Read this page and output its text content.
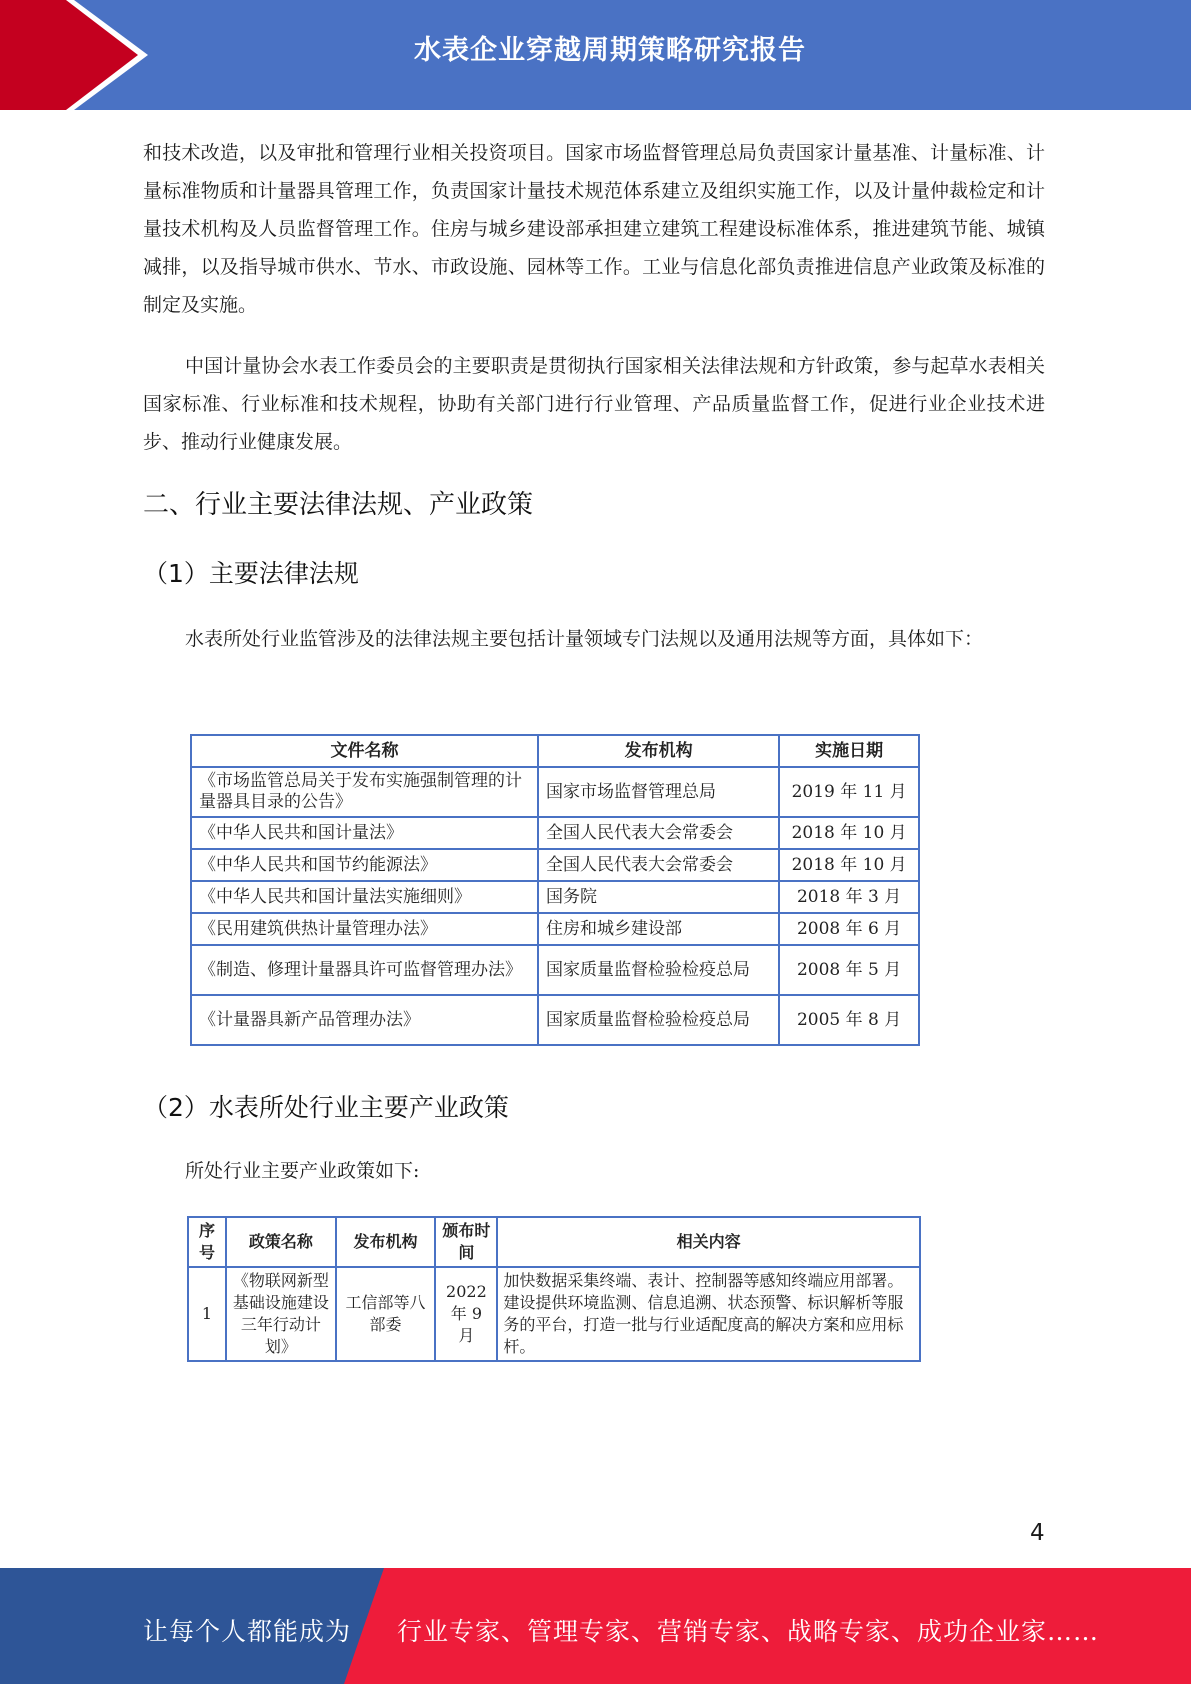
水表企业穿越周期策略研究报告

和技术改造，以及审批和管理行业相关投资项目。国家市场监督管理总局负责国家计量基准、计量标准、计量标准物质和计量器具管理工作，负责国家计量技术规范体系建立及组织实施工作，以及计量仲裁检定和计量技术机构及人员监督管理工作。住房与城乡建设部承担建立建筑工程建设标准体系，推进建筑节能、城镇减排，以及指导城市供水、节水、市政设施、园林等工作。工业与信息化部负责推进信息产业政策及标准的制定及实施。

中国计量协会水表工作委员会的主要职责是贯彻执行国家相关法律法规和方针政策，参与起草水表相关国家标准、行业标准和技术规程，协助有关部门进行行业管理、产品质量监督工作，促进行业企业技术进步、推动行业健康发展。

二、行业主要法律法规、产业政策
（1）主要法律法规

水表所处行业监管涉及的法律法规主要包括计量领域专门法规以及通用法规等方面，具体如下：

文件名称	发布机构	实施日期
《市场监管总局关于发布实施强制管理的计量器具目录的公告》	国家市场监督管理总局	2019 年 11 月
《中华人民共和国计量法》	全国人民代表大会常委会	2018 年 10 月
《中华人民共和国节约能源法》	全国人民代表大会常委会	2018 年 10 月
《中华人民共和国计量法实施细则》	国务院	2018 年 3 月
《民用建筑供热计量管理办法》	住房和城乡建设部	2008 年 6 月
《制造、修理计量器具许可监督管理办法》	国家质量监督检验检疫总局	2008 年 5 月
《计量器具新产品管理办法》	国家质量监督检验检疫总局	2005 年 8 月
（2）水表所处行业主要产业政策

所处行业主要产业政策如下:

序号	政策名称	发布机构	颁布时间	相关内容
1	《物联网新型基础设施建设三年行动计划》	工信部等八部委	2022 年 9 月	加快数据采集终端、表计、控制器等感知终端应用部署。建设提供环境监测、信息追溯、状态预警、标识解析等服务的平台，打造一批与行业适配度高的解决方案和应用标杆。
4
让每个人都能成为 行业专家、管理专家、营销专家、战略专家、成功企业家……
